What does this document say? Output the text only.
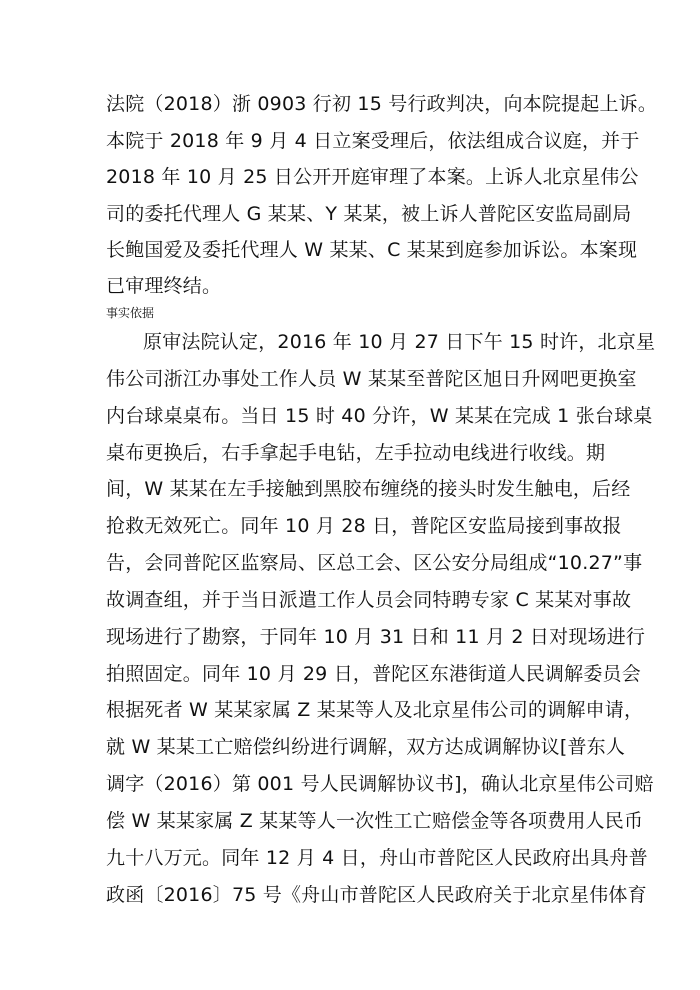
法院（2018）浙 0903 行初 15 号行政判决，向本院提起上诉。
本院于 2018 年 9 月 4 日立案受理后，依法组成合议庭，并于
2018 年 10 月 25 日公开开庭审理了本案。上诉人北京星伟公
司的委托代理人 G 某某、Y 某某，被上诉人普陀区安监局副局
长鲍国爱及委托代理人 W 某某、C 某某到庭参加诉讼。本案现
已审理终结。
事实依据
原审法院认定，2016 年 10 月 27 日下午 15 时许，北京星
伟公司浙江办事处工作人员 W 某某至普陀区旭日升网吧更换室
内台球桌桌布。当日 15 时 40 分许，W 某某在完成 1 张台球桌
桌布更换后，右手拿起手电钻，左手拉动电线进行收线。期
间，W 某某在左手接触到黑胶布缠绕的接头时发生触电，后经
抢救无效死亡。同年 10 月 28 日，普陀区安监局接到事故报
告，会同普陀区监察局、区总工会、区公安分局组成“10.27”事
故调查组，并于当日派遣工作人员会同特聘专家 C 某某对事故
现场进行了勘察，于同年 10 月 31 日和 11 月 2 日对现场进行
拍照固定。同年 10 月 29 日，普陀区东港街道人民调解委员会
根据死者 W 某某家属 Z 某某等人及北京星伟公司的调解申请，
就 W 某某工亡赔偿纠纷进行调解，双方达成调解协议[普东人
调字（2016）第 001 号人民调解协议书]，确认北京星伟公司赔
偿 W 某某家属 Z 某某等人一次性工亡赔偿金等各项费用人民币
九十八万元。同年 12 月 4 日，舟山市普陀区人民政府出具舟普
政函〔2016〕75 号《舟山市普陀区人民政府关于北京星伟体育
